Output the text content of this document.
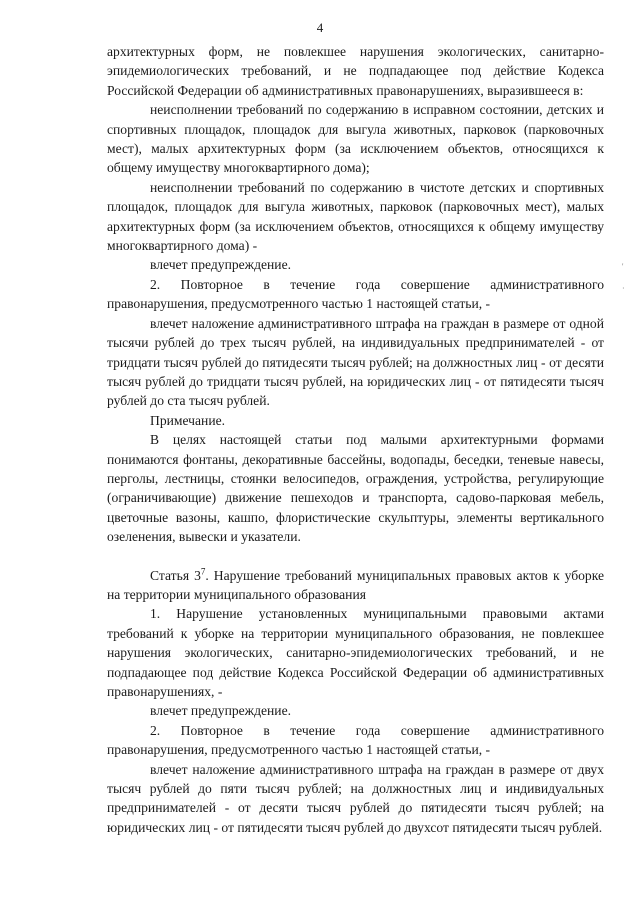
4

архитектурных форм, не повлекшее нарушения экологических, санитарно-эпидемиологических требований, и не подпадающее под действие Кодекса Российской Федерации об административных правонарушениях, выразившееся в:

неисполнении требований по содержанию в исправном состоянии, детских и спортивных площадок, площадок для выгула животных, парковок (парковочных мест), малых архитектурных форм (за исключением объектов, относящихся к общему имуществу многоквартирного дома);

неисполнении требований по содержанию в чистоте детских и спортивных площадок, площадок для выгула животных, парковок (парковочных мест), малых архитектурных форм (за исключением объектов, относящихся к общему имуществу многоквартирного дома) -

влечет предупреждение.

2. Повторное в течение года совершение административного правонарушения, предусмотренного частью 1 настоящей статьи, -

влечет наложение административного штрафа на граждан в размере от одной тысячи рублей до трех тысяч рублей, на индивидуальных предпринимателей - от тридцати тысяч рублей до пятидесяти тысяч рублей; на должностных лиц - от десяти тысяч рублей до тридцати тысяч рублей, на юридических лиц - от пятидесяти тысяч рублей до ста тысяч рублей.

Примечание.

В целях настоящей статьи под малыми архитектурными формами понимаются фонтаны, декоративные бассейны, водопады, беседки, теневые навесы, перголы, лестницы, стоянки велосипедов, ограждения, устройства, регулирующие (ограничивающие) движение пешеходов и транспорта, садово-парковая мебель, цветочные вазоны, кашпо, флористические скульптуры, элементы вертикального озеленения, вывески и указатели.

Статья $3^7$. Нарушение требований муниципальных правовых актов к уборке на территории муниципального образования

1. Нарушение установленных муниципальными правовыми актами требований к уборке на территории муниципального образования, не повлекшее нарушения экологических, санитарно-эпидемиологических требований, и не подпадающее под действие Кодекса Российской Федерации об административных правонарушениях, -

влечет предупреждение.

2. Повторное в течение года совершение административного правонарушения, предусмотренного частью 1 настоящей статьи, -

влечет наложение административного штрафа на граждан в размере от двух тысяч рублей до пяти тысяч рублей; на должностных лиц и индивидуальных предпринимателей - от десяти тысяч рублей до пятидесяти тысяч рублей; на юридических лиц - от пятидесяти тысяч рублей до двухсот пятидесяти тысяч рублей.

'
·
